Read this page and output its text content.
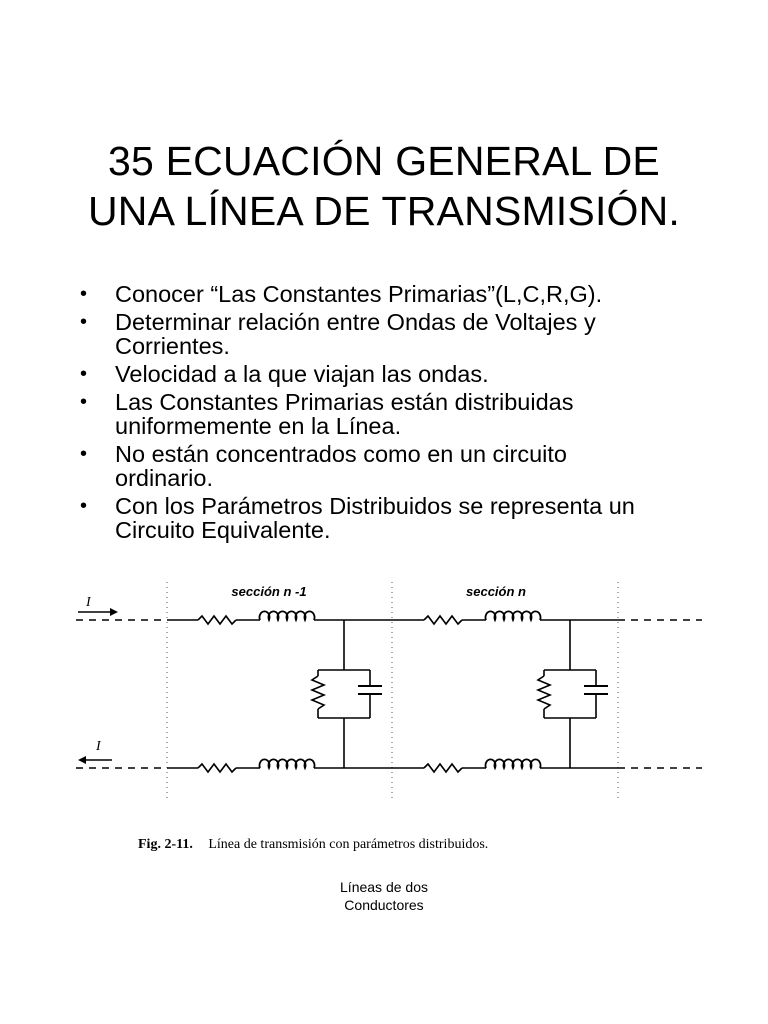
35 ECUACIÓN GENERAL DE
UNA LÍNEA DE TRANSMISIÓN.
• Conocer “Las Constantes Primarias”(L,C,R,G).
• Determinar relación entre Ondas de Voltajes y
Corrientes.
• Velocidad a la que viajan las ondas.
• Las Constantes Primarias están distribuidas
uniformemente en la Línea.
• No están concentrados como en un circuito
ordinario.
• Con los Parámetros Distribuidos se representa un
Circuito Equivalente.
sección n -1	sección n
I
I
Fig. 2-11. Línea de transmisión con parámetros distribuidos.
Líneas de dos
Conductores
